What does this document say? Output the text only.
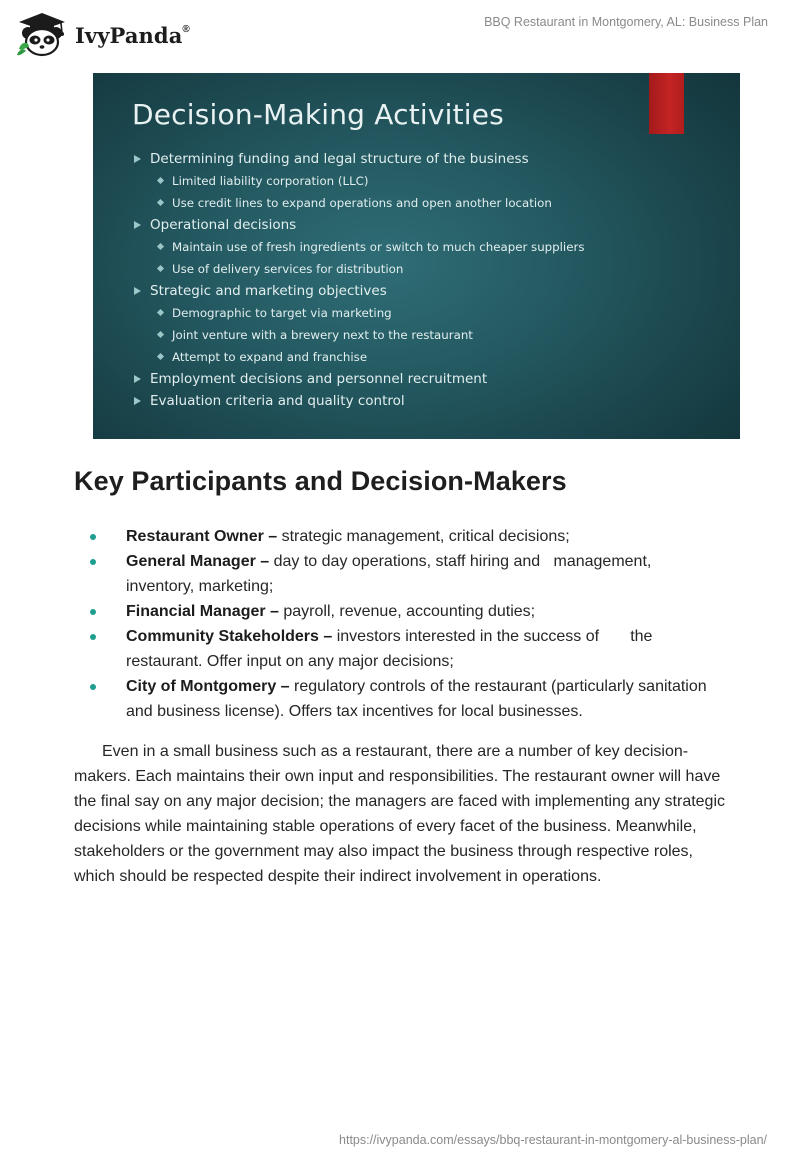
IvyPanda®	BBQ Restaurant in Montgomery, AL: Business Plan
Decision-Making Activities
Determining funding and legal structure of the business
Limited liability corporation (LLC)
Use credit lines to expand operations and open another location
Operational decisions
Maintain use of fresh ingredients or switch to much cheaper suppliers
Use of delivery services for distribution
Strategic and marketing objectives
Demographic to target via marketing
Joint venture with a brewery next to the restaurant
Attempt to expand and franchise
Employment decisions and personnel recruitment
Evaluation criteria and quality control
Key Participants and Decision-Makers
Restaurant Owner – strategic management, critical decisions;
General Manager – day to day operations, staff hiring and   management, inventory, marketing;
Financial Manager – payroll, revenue, accounting duties;
Community Stakeholders – investors interested in the success of       the restaurant. Offer input on any major decisions;
City of Montgomery – regulatory controls of the restaurant (particularly sanitation and business license). Offers tax incentives for local businesses.

Even in a small business such as a restaurant, there are a number of key decision-makers. Each maintains their own input and responsibilities. The restaurant owner will have the final say on any major decision; the managers are faced with implementing any strategic decisions while maintaining stable operations of every facet of the business. Meanwhile, stakeholders or the government may also impact the business through respective roles, which should be respected despite their indirect involvement in operations.

https://ivypanda.com/essays/bbq-restaurant-in-montgomery-al-business-plan/
